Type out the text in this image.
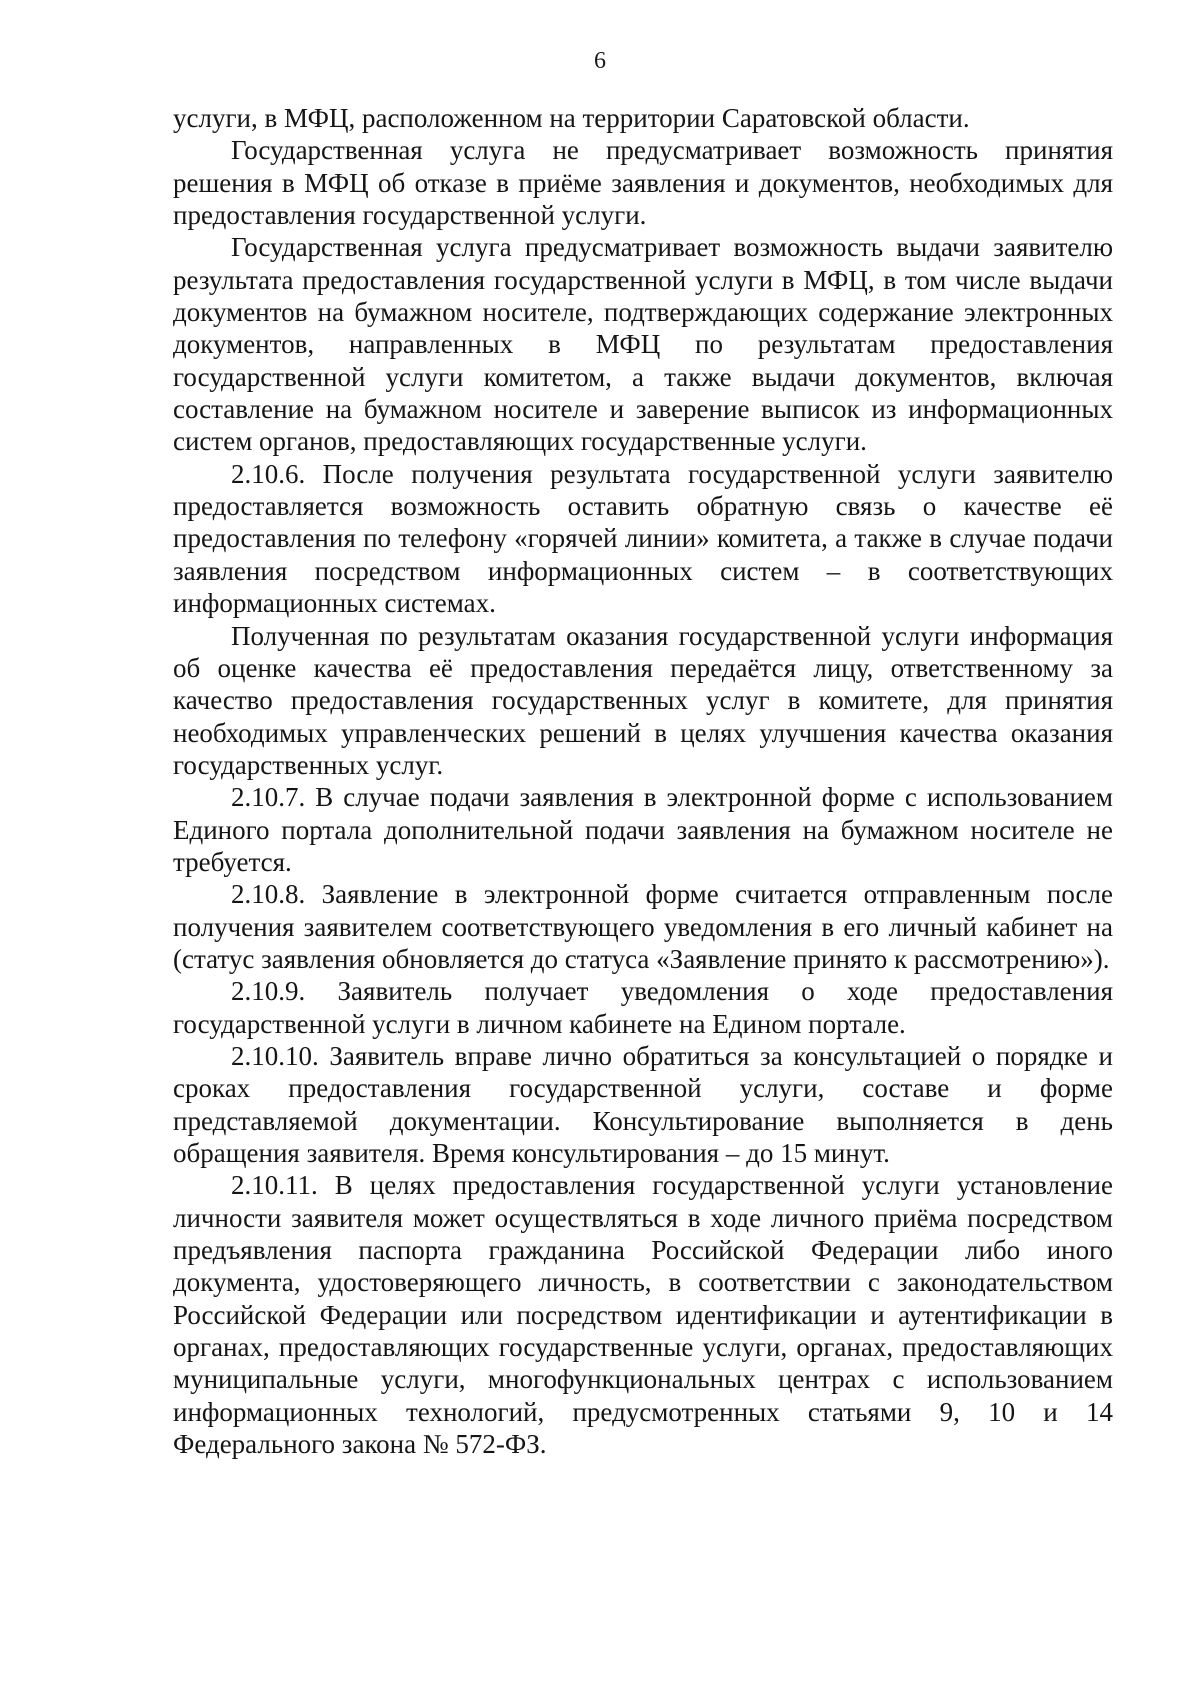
6

услуги, в МФЦ, расположенном на территории Саратовской области.

Государственная услуга не предусматривает возможность принятия решения в МФЦ об отказе в приёме заявления и документов, необходимых для предоставления государственной услуги.

Государственная услуга предусматривает возможность выдачи заявителю результата предоставления государственной услуги в МФЦ, в том числе выдачи документов на бумажном носителе, подтверждающих содержание электронных документов, направленных в МФЦ по результатам предоставления государственной услуги комитетом, а также выдачи документов, включая составление на бумажном носителе и заверение выписок из информационных систем органов, предоставляющих государственные услуги.

2.10.6. После получения результата государственной услуги заявителю предоставляется возможность оставить обратную связь о качестве её предоставления по телефону «горячей линии» комитета, а также в случае подачи заявления посредством информационных систем – в соответствующих информационных системах.

Полученная по результатам оказания государственной услуги информация об оценке качества её предоставления передаётся лицу, ответственному за качество предоставления государственных услуг в комитете, для принятия необходимых управленческих решений в целях улучшения качества оказания государственных услуг.

2.10.7. В случае подачи заявления в электронной форме с использованием Единого портала дополнительной подачи заявления на бумажном носителе не требуется.

2.10.8. Заявление в электронной форме считается отправленным после получения заявителем соответствующего уведомления в его личный кабинет на (статус заявления обновляется до статуса «Заявление принято к рассмотрению»).

2.10.9. Заявитель получает уведомления о ходе предоставления государственной услуги в личном кабинете на Едином портале.

2.10.10. Заявитель вправе лично обратиться за консультацией о порядке и сроках предоставления государственной услуги, составе и форме представляемой документации. Консультирование выполняется в день обращения заявителя. Время консультирования – до 15 минут.

2.10.11. В целях предоставления государственной услуги установление личности заявителя может осуществляться в ходе личного приёма посредством предъявления паспорта гражданина Российской Федерации либо иного документа, удостоверяющего личность, в соответствии с законодательством Российской Федерации или посредством идентификации и аутентификации в органах, предоставляющих государственные услуги, органах, предоставляющих муниципальные услуги, многофункциональных центрах с использованием информационных технологий, предусмотренных статьями 9, 10 и 14 Федерального закона № 572-ФЗ.
